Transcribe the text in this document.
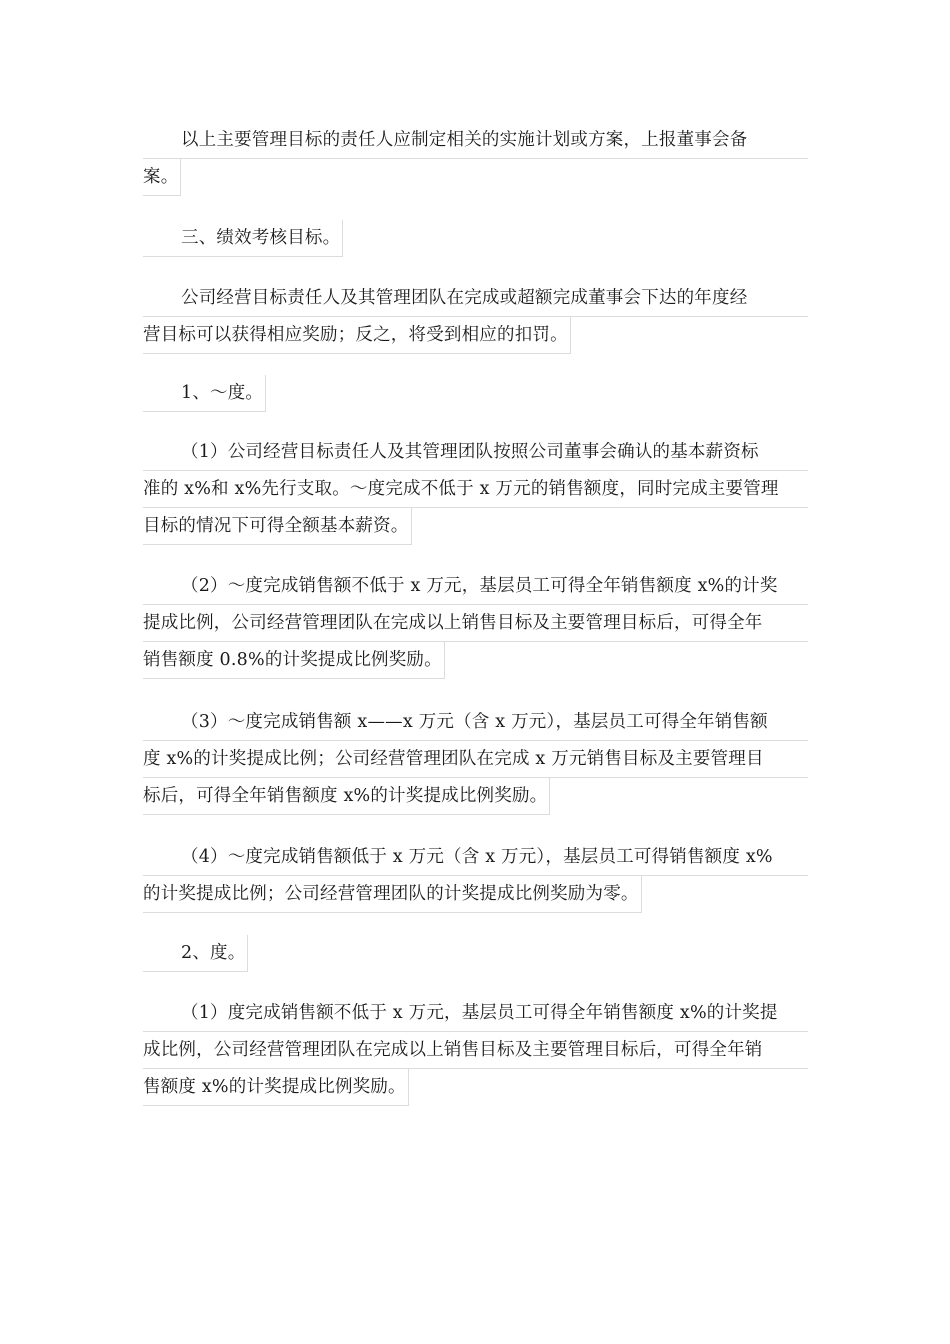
以上主要管理目标的责任人应制定相关的实施计划或方案，上报董事会备
案。
三、绩效考核目标。
公司经营目标责任人及其管理团队在完成或超额完成董事会下达的年度经
营目标可以获得相应奖励；反之，将受到相应的扣罚。
1、～度。
（1）公司经营目标责任人及其管理团队按照公司董事会确认的基本薪资标
准的 x%和 x%先行支取。～度完成不低于 x 万元的销售额度，同时完成主要管理
目标的情况下可得全额基本薪资。
（2）～度完成销售额不低于 x 万元，基层员工可得全年销售额度 x%的计奖
提成比例，公司经营管理团队在完成以上销售目标及主要管理目标后，可得全年
销售额度 0.8%的计奖提成比例奖励。
（3）～度完成销售额 x——x 万元（含 x 万元），基层员工可得全年销售额
度 x%的计奖提成比例；公司经营管理团队在完成 x 万元销售目标及主要管理目
标后，可得全年销售额度 x%的计奖提成比例奖励。
（4）～度完成销售额低于 x 万元（含 x 万元），基层员工可得销售额度 x%
的计奖提成比例；公司经营管理团队的计奖提成比例奖励为零。
2、度。
（1）度完成销售额不低于 x 万元，基层员工可得全年销售额度 x%的计奖提
成比例，公司经营管理团队在完成以上销售目标及主要管理目标后，可得全年销
售额度 x%的计奖提成比例奖励。
